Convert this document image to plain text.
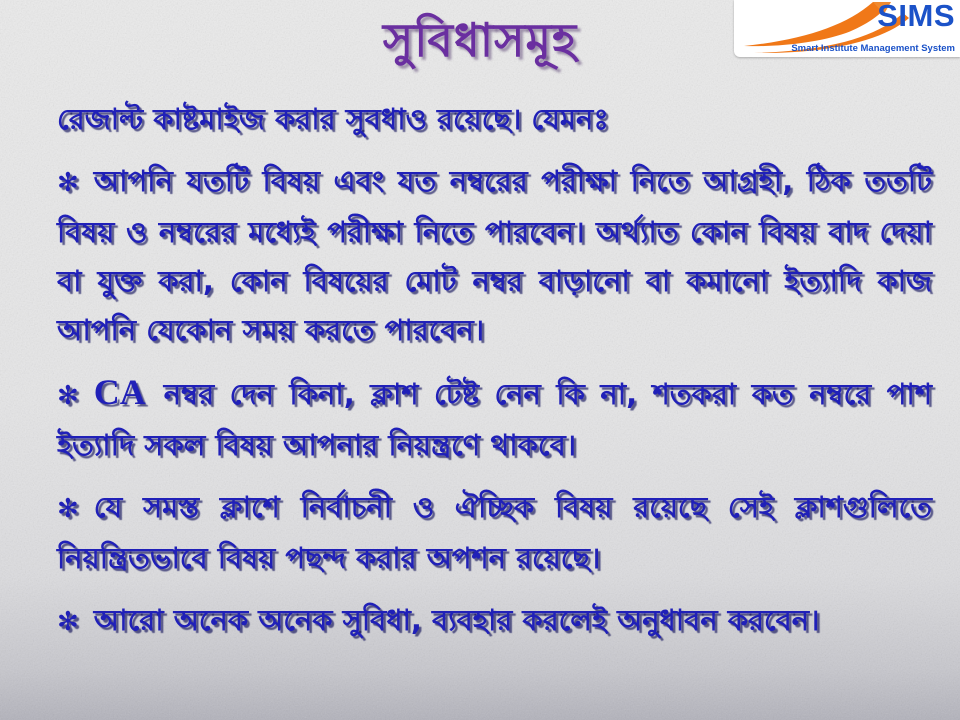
সুবিধাসমূহ	SIMS
Smart Institute Management System

রেজাল্ট কাষ্টমাইজ করার সুবধাও রয়েছে। যেমনঃ

✻ আপনি যতটি বিষয় এবং যত নম্বরের পরীক্ষা নিতে আগ্রহী, ঠিক ততটি বিষয় ও নম্বরের মধ্যেই পরীক্ষা নিতে পারবেন। অর্থ্যাত কোন বিষয় বাদ দেয়া বা যুক্ত করা, কোন বিষয়ের মোট নম্বর বাড়ানো বা কমানো ইত্যাদি কাজ আপনি যেকোন সময় করতে পারবেন।

✻ CA নম্বর দেন কিনা, ক্লাশ টেষ্ট নেন কি না, শতকরা কত নম্বরে পাশ ইত্যাদি সকল বিষয় আপনার নিয়ন্ত্রণে থাকবে।

✻ যে সমস্ত ক্লাশে নির্বাচনী ও ঐচ্ছিক বিষয় রয়েছে সেই ক্লাশগুলিতে নিয়ন্ত্রিতভাবে বিষয় পছন্দ করার অপশন রয়েছে।

✻ আরো অনেক অনেক সুবিধা, ব্যবহার করলেই অনুধাবন করবেন।
